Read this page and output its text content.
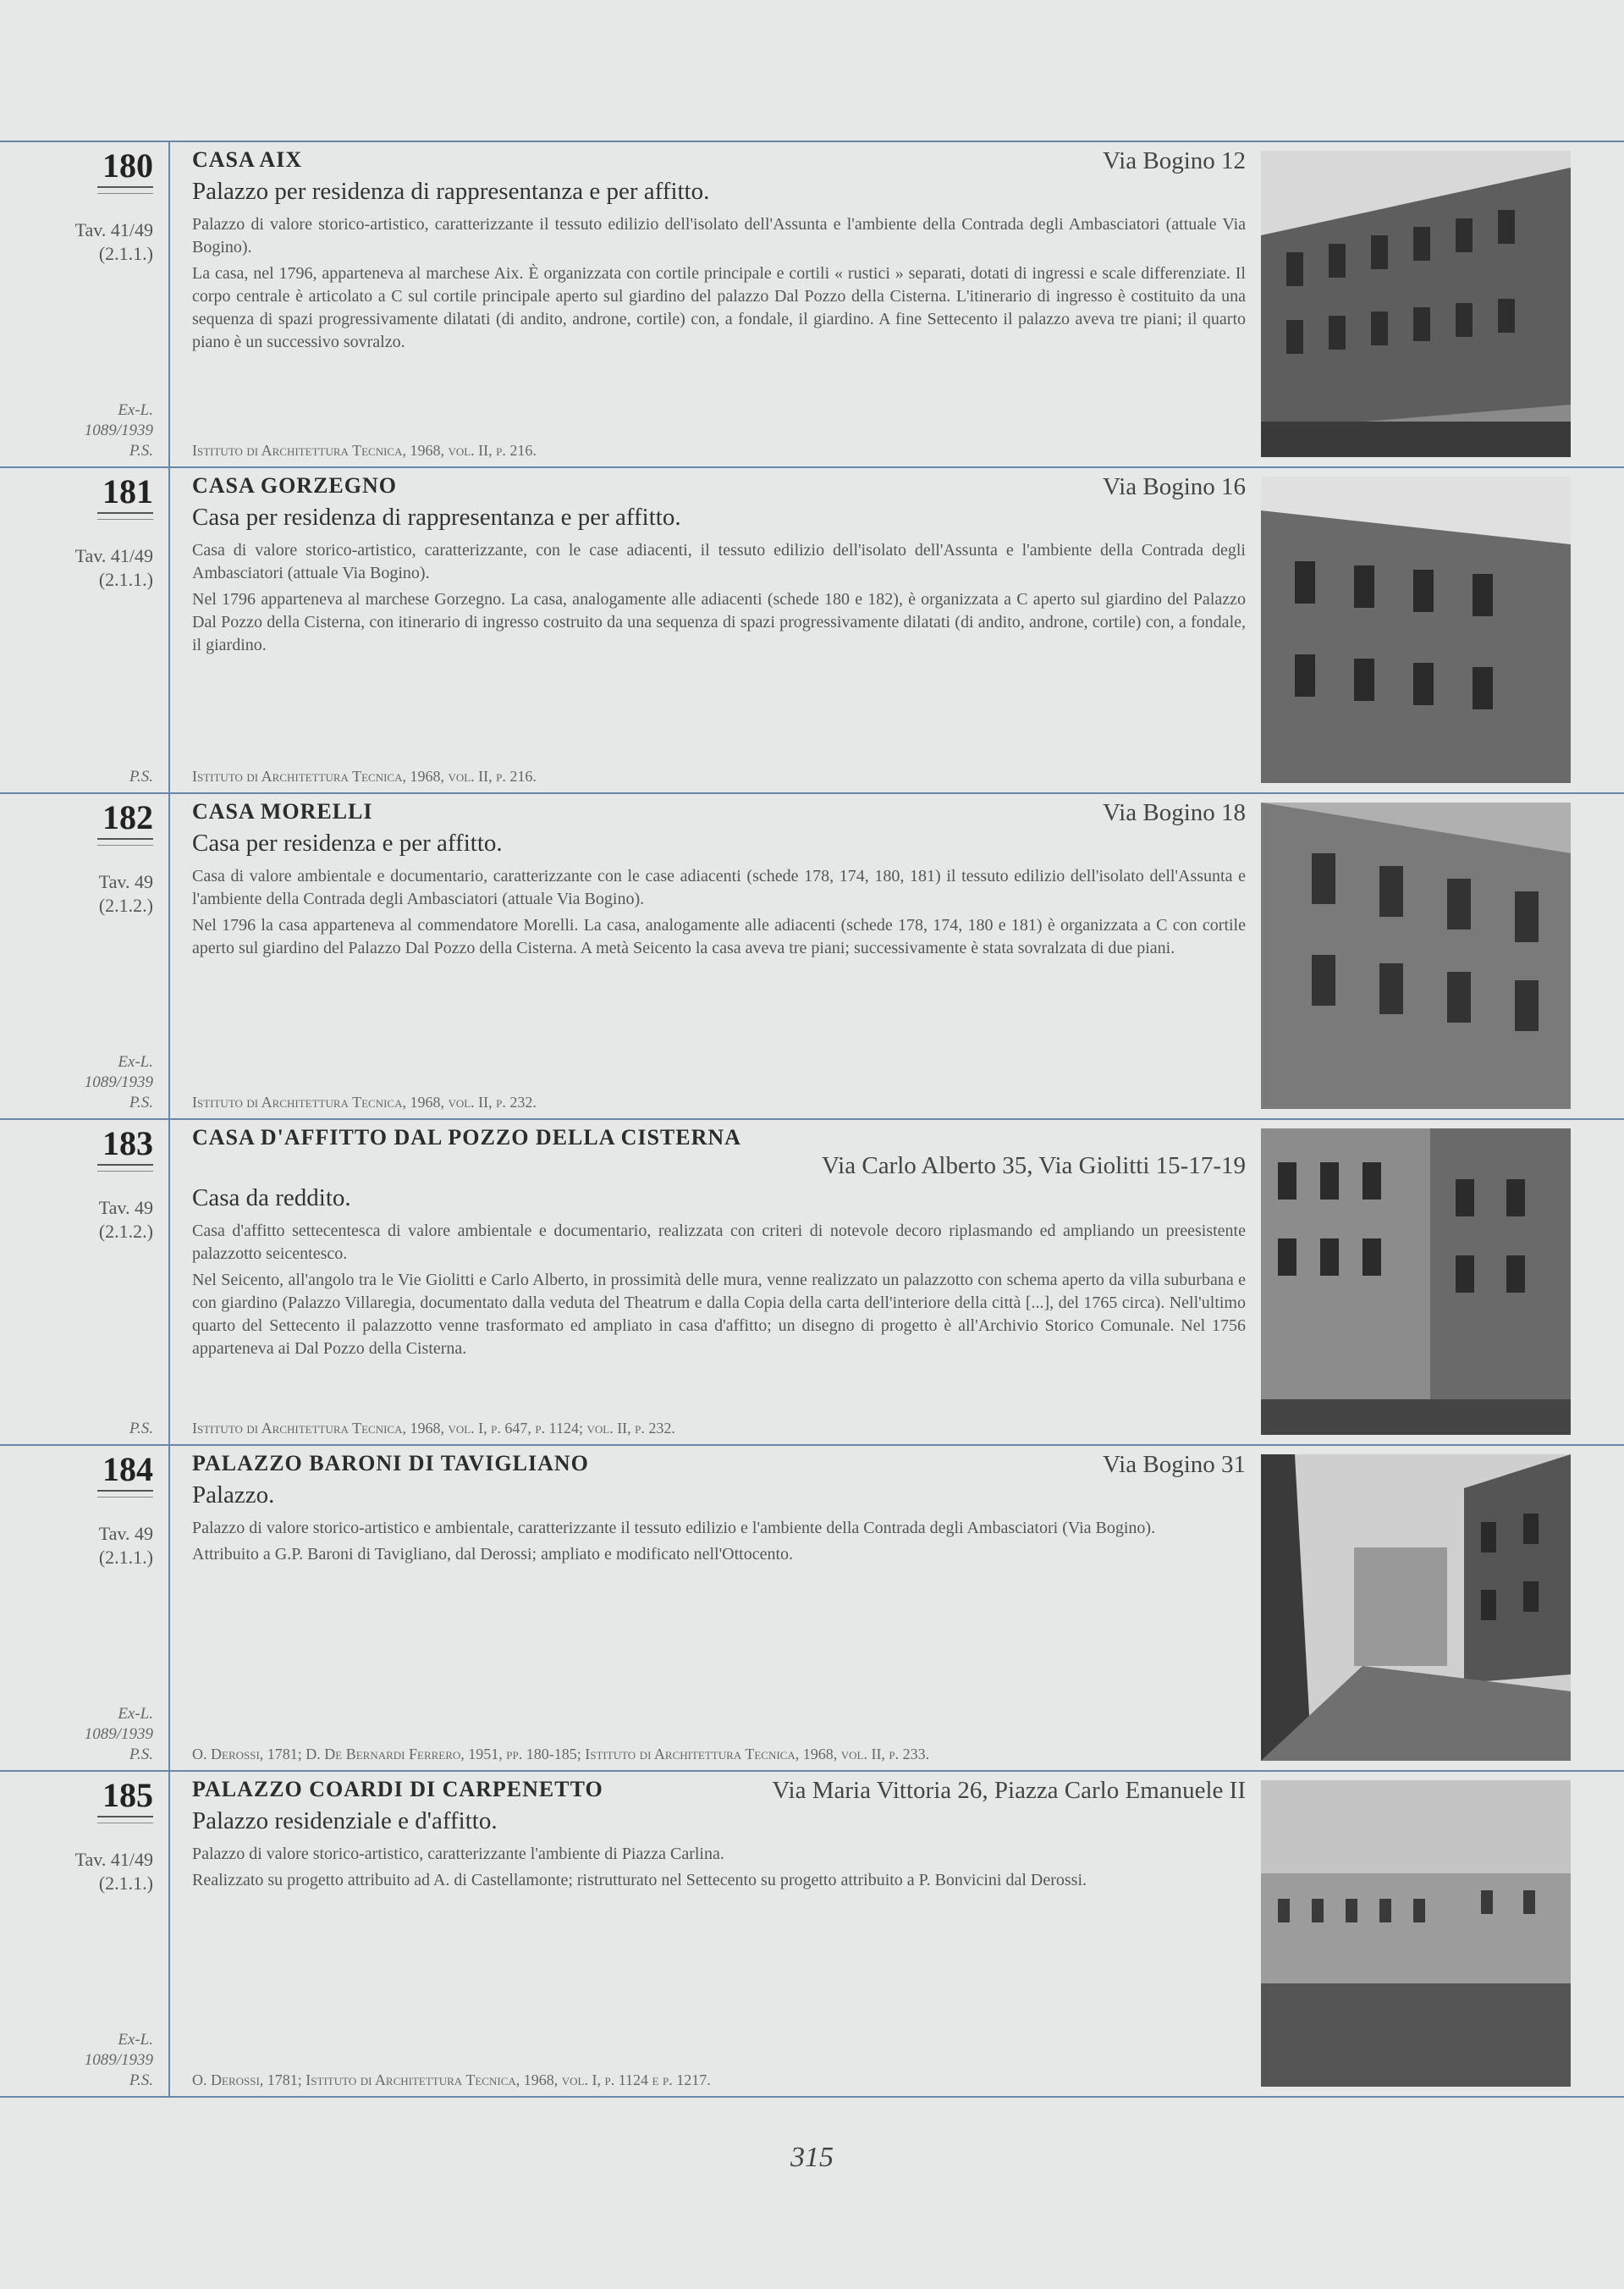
180
Tav. 41/49
(2.1.1.)
Ex-L.
1089/1939
P.S.
CASA AIX	Via Bogino 12
Palazzo per residenza di rappresentanza e per affitto.

Palazzo di valore storico-artistico, caratterizzante il tessuto edilizio dell'isolato dell'Assunta e l'ambiente della Contrada degli Ambasciatori (attuale Via Bogino).

La casa, nel 1796, apparteneva al marchese Aix. È organizzata con cortile principale e cortili « rustici » separati, dotati di ingressi e scale differenziate. Il corpo centrale è articolato a C sul cortile principale aperto sul giardino del palazzo Dal Pozzo della Cisterna. L'itinerario di ingresso è costituito da una sequenza di spazi progressivamente dilatati (di andito, androne, cortile) con, a fondale, il giardino. A fine Settecento il palazzo aveva tre piani; il quarto piano è un successivo sovralzo.

Istituto di Architettura Tecnica, 1968, vol. II, p. 216.
181
Tav. 41/49
(2.1.1.)
P.S.
CASA GORZEGNO	Via Bogino 16
Casa per residenza di rappresentanza e per affitto.

Casa di valore storico-artistico, caratterizzante, con le case adiacenti, il tessuto edilizio dell'isolato dell'Assunta e l'ambiente della Contrada degli Ambasciatori (attuale Via Bogino).

Nel 1796 apparteneva al marchese Gorzegno. La casa, analogamente alle adiacenti (schede 180 e 182), è organizzata a C aperto sul giardino del Palazzo Dal Pozzo della Cisterna, con itinerario di ingresso costruito da una sequenza di spazi progressivamente dilatati (di andito, androne, cortile) con, a fondale, il giardino.

Istituto di Architettura Tecnica, 1968, vol. II, p. 216.
182
Tav. 49
(2.1.2.)
Ex-L.
1089/1939
P.S.
CASA MORELLI	Via Bogino 18
Casa per residenza e per affitto.

Casa di valore ambientale e documentario, caratterizzante con le case adiacenti (schede 178, 174, 180, 181) il tessuto edilizio dell'isolato dell'Assunta e l'ambiente della Contrada degli Ambasciatori (attuale Via Bogino).

Nel 1796 la casa apparteneva al commendatore Morelli. La casa, analogamente alle adiacenti (schede 178, 174, 180 e 181) è organizzata a C con cortile aperto sul giardino del Palazzo Dal Pozzo della Cisterna. A metà Seicento la casa aveva tre piani; successivamente è stata sovralzata di due piani.

Istituto di Architettura Tecnica, 1968, vol. II, p. 232.
183
Tav. 49
(2.1.2.)
P.S.
CASA D'AFFITTO DAL POZZO DELLA CISTERNA
Via Carlo Alberto 35, Via Giolitti 15-17-19
Casa da reddito.

Casa d'affitto settecentesca di valore ambientale e documentario, realizzata con criteri di notevole decoro riplasmando ed ampliando un preesistente palazzotto seicentesco.

Nel Seicento, all'angolo tra le Vie Giolitti e Carlo Alberto, in prossimità delle mura, venne realizzato un palazzotto con schema aperto da villa suburbana e con giardino (Palazzo Villaregia, documentato dalla veduta del Theatrum e dalla Copia della carta dell'interiore della città [...], del 1765 circa). Nell'ultimo quarto del Settecento il palazzotto venne trasformato ed ampliato in casa d'affitto; un disegno di progetto è all'Archivio Storico Comunale. Nel 1756 apparteneva ai Dal Pozzo della Cisterna.

Istituto di Architettura Tecnica, 1968, vol. I, p. 647, p. 1124; vol. II, p. 232.
184
Tav. 49
(2.1.1.)
Ex-L.
1089/1939
P.S.
PALAZZO BARONI DI TAVIGLIANO	Via Bogino 31
Palazzo.

Palazzo di valore storico-artistico e ambientale, caratterizzante il tessuto edilizio e l'ambiente della Contrada degli Ambasciatori (Via Bogino).

Attribuito a G.P. Baroni di Tavigliano, dal Derossi; ampliato e modificato nell'Ottocento.

O. Derossi, 1781; D. De Bernardi Ferrero, 1951, pp. 180-185; Istituto di Architettura Tecnica, 1968, vol. II, p. 233.
185
Tav. 41/49
(2.1.1.)
Ex-L.
1089/1939
P.S.
PALAZZO COARDI DI CARPENETTO	Via Maria Vittoria 26, Piazza Carlo Emanuele II
Palazzo residenziale e d'affitto.

Palazzo di valore storico-artistico, caratterizzante l'ambiente di Piazza Carlina.

Realizzato su progetto attribuito ad A. di Castellamonte; ristrutturato nel Settecento su progetto attribuito a P. Bonvicini dal Derossi.

O. Derossi, 1781; Istituto di Architettura Tecnica, 1968, vol. I, p. 1124 e p. 1217.
315
